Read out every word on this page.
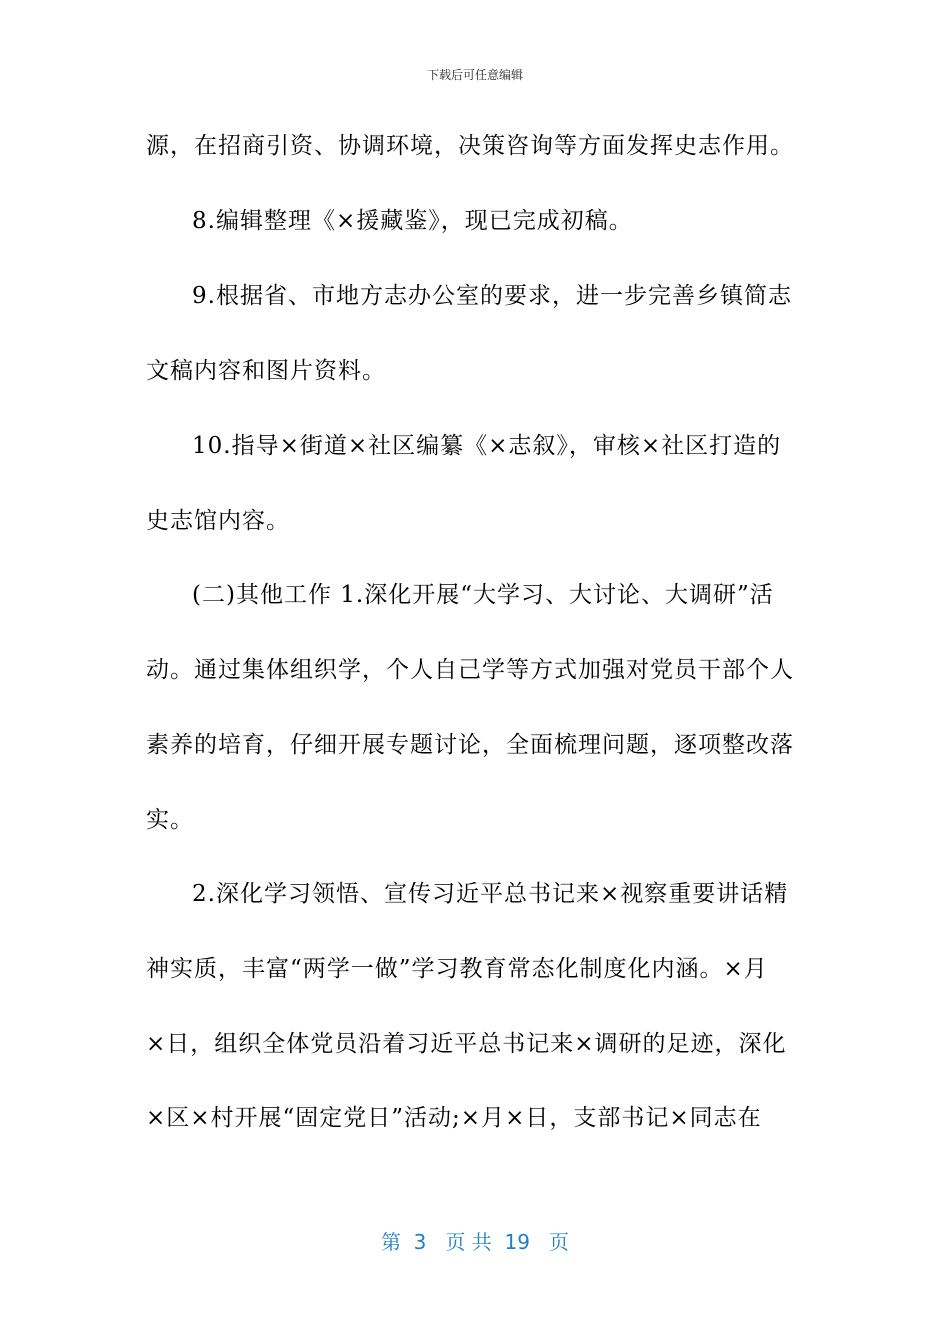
下载后可任意编辑
源，在招商引资、协调环境，决策咨询等方面发挥史志作用。
8.编辑整理《×援藏鉴》，现已完成初稿。
9.根据省、市地方志办公室的要求，进一步完善乡镇简志
文稿内容和图片资料。
10.指导×街道×社区编纂《×志叙》，审核×社区打造的
史志馆内容。
(二)其他工作 1.深化开展“大学习、大讨论、大调研”活
动。通过集体组织学，个人自己学等方式加强对党员干部个人
素养的培育，仔细开展专题讨论，全面梳理问题，逐项整改落
实。
2.深化学习领悟、宣传习近平总书记来×视察重要讲话精
神实质，丰富“两学一做”学习教育常态化制度化内涵。×月
×日，组织全体党员沿着习近平总书记来×调研的足迹，深化
×区×村开展“固定党日”活动;×月×日，支部书记×同志在
第  3   页 共  19   页
